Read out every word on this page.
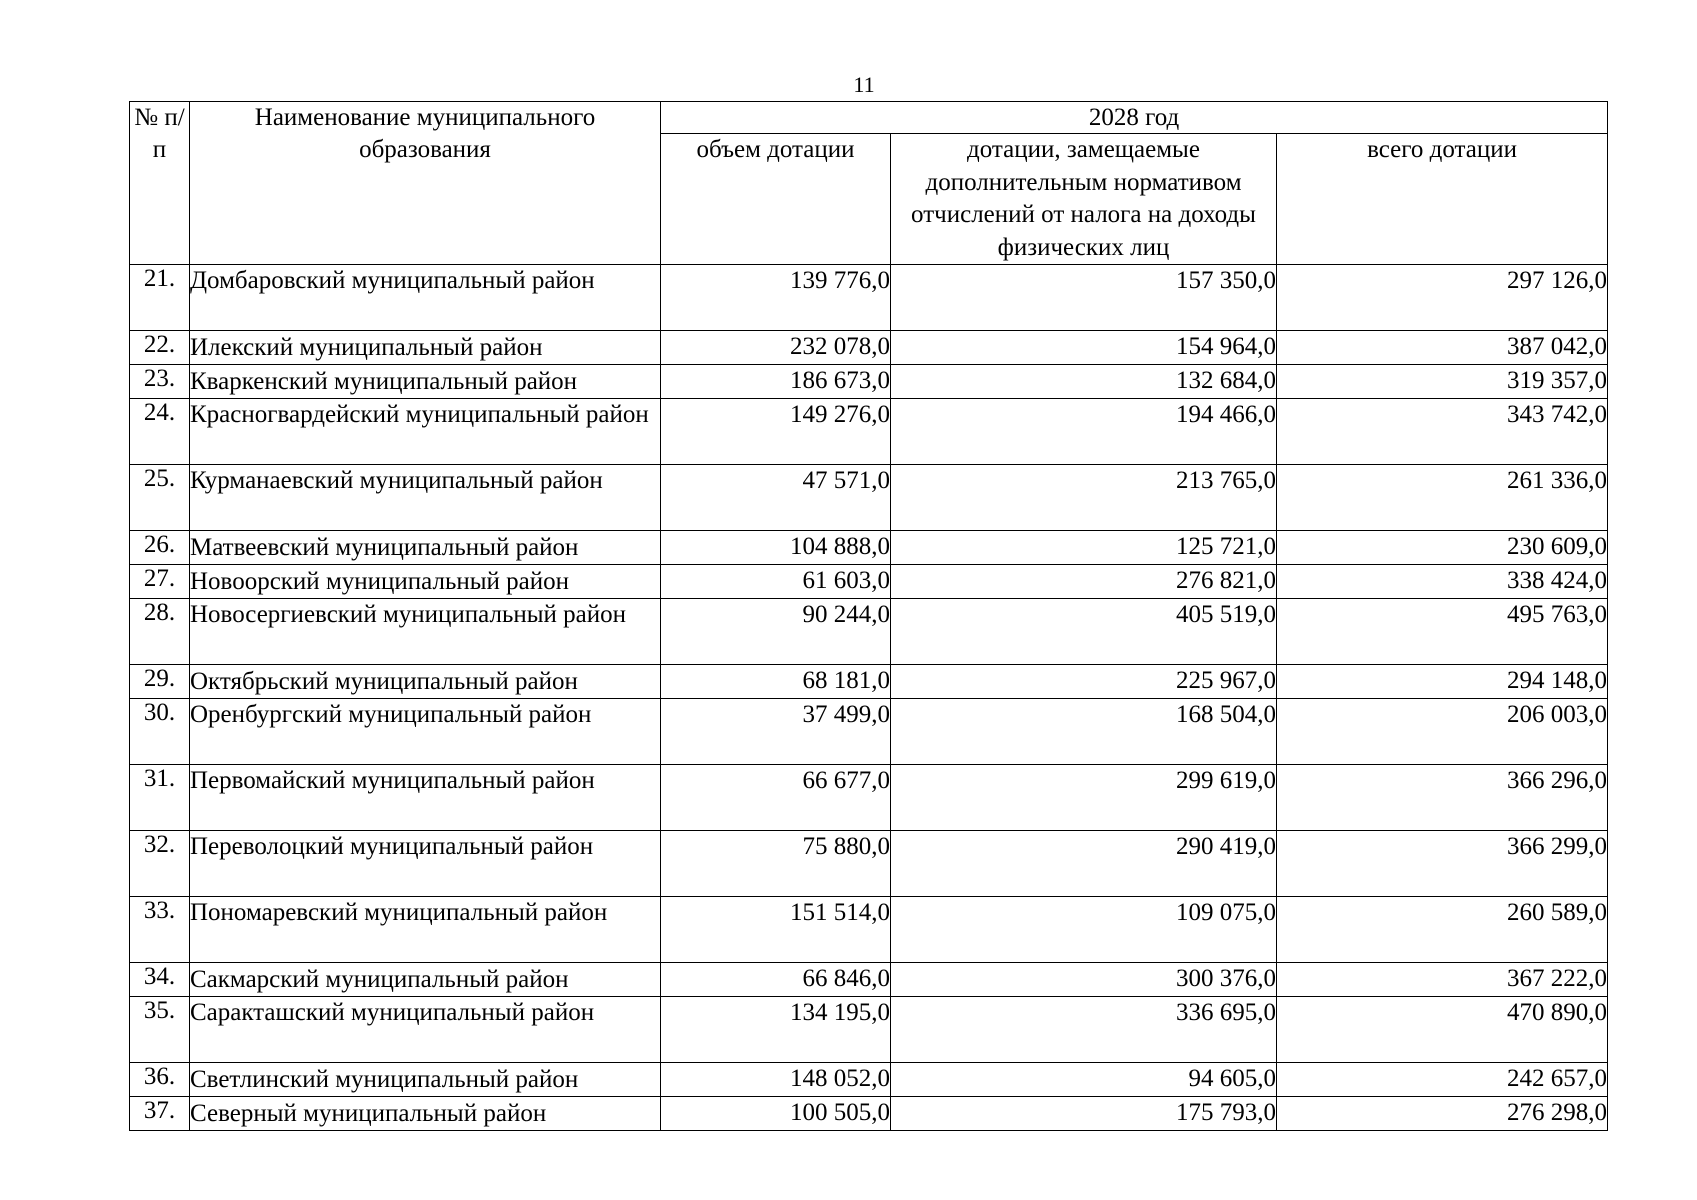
11
№ п/п	Наименование муниципального образования	2028 год		
		объем дотации	дотации, замещаемые дополнительным нормативом отчислений от налога на доходы физических лиц	всего дотации
21.	Домбаровский муниципальный район	139 776,0	157 350,0	297 126,0
22.	Илекский муниципальный район	232 078,0	154 964,0	387 042,0
23.	Кваркенский муниципальный район	186 673,0	132 684,0	319 357,0
24.	Красногвардейский муниципальный район	149 276,0	194 466,0	343 742,0
25.	Курманаевский муниципальный район	47 571,0	213 765,0	261 336,0
26.	Матвеевский муниципальный район	104 888,0	125 721,0	230 609,0
27.	Новоорский муниципальный район	61 603,0	276 821,0	338 424,0
28.	Новосергиевский муниципальный район	90 244,0	405 519,0	495 763,0
29.	Октябрьский муниципальный район	68 181,0	225 967,0	294 148,0
30.	Оренбургский муниципальный район	37 499,0	168 504,0	206 003,0
31.	Первомайский муниципальный район	66 677,0	299 619,0	366 296,0
32.	Переволоцкий муниципальный район	75 880,0	290 419,0	366 299,0
33.	Пономаревский муниципальный район	151 514,0	109 075,0	260 589,0
34.	Сакмарский муниципальный район	66 846,0	300 376,0	367 222,0
35.	Саракташский муниципальный район	134 195,0	336 695,0	470 890,0
36.	Светлинский муниципальный район	148 052,0	94 605,0	242 657,0
37.	Северный муниципальный район	100 505,0	175 793,0	276 298,0
